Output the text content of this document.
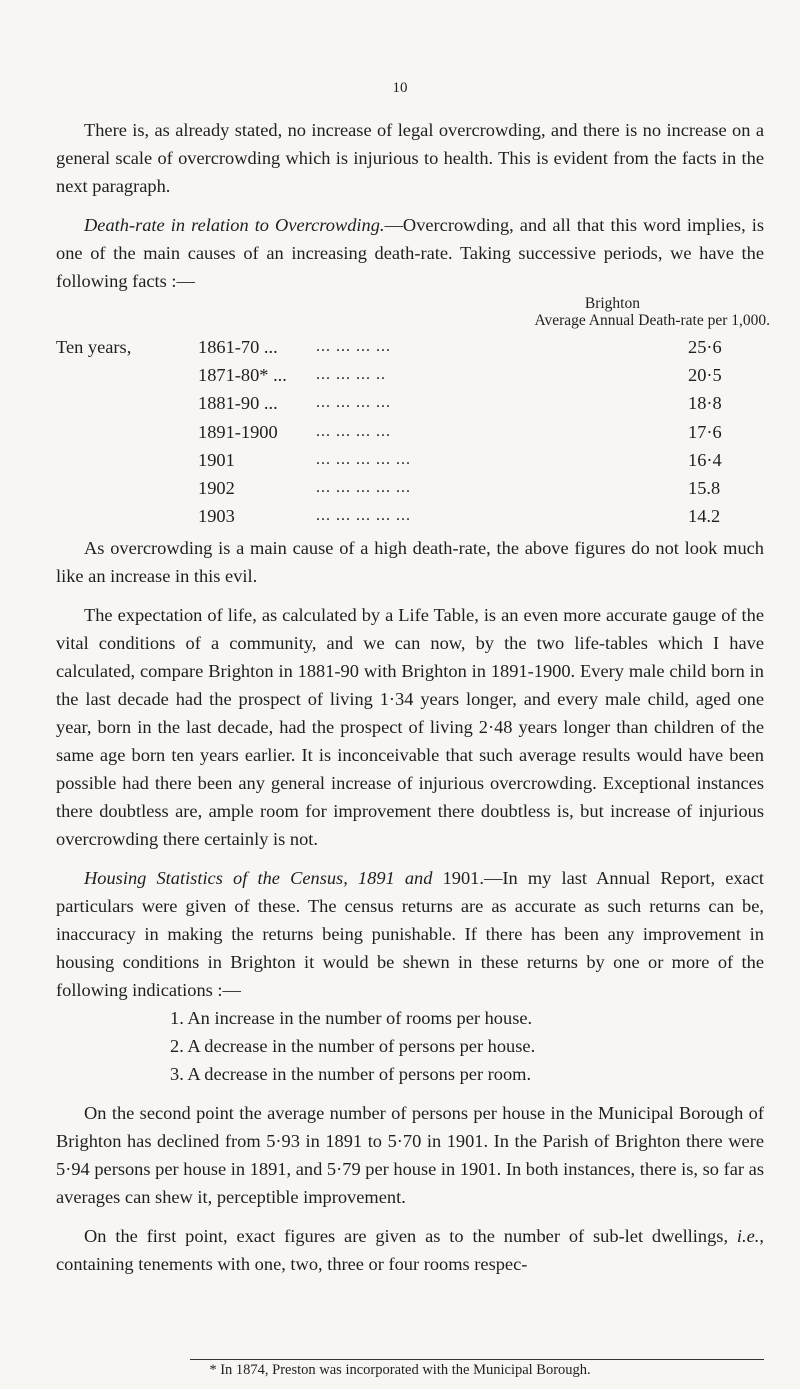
10

There is, as already stated, no increase of legal overcrowding, and there is no increase on a general scale of overcrowding which is injurious to health. This is evident from the facts in the next paragraph.

Death-rate in relation to Overcrowding.—Overcrowding, and all that this word implies, is one of the main causes of an increasing death-rate. Taking successive periods, we have the following facts :—

Brighton
Average Annual Death-rate per 1,000.
Ten years,	1861-70 ... ... ... ... ...	25·6
1871-80* ... ... ... ... ..	20·5
1881-90 ... ... ... ... ...	18·8
1891-1900 ... ... ... ...	17·6
1901	... ... ... ... ...	16·4
1902	... ... ... ... ...	15.8
1903	... ... ... ... ...	14.2

As overcrowding is a main cause of a high death-rate, the above figures do not look much like an increase in this evil.

The expectation of life, as calculated by a Life Table, is an even more accurate gauge of the vital conditions of a community, and we can now, by the two life-tables which I have calculated, compare Brighton in 1881-90 with Brighton in 1891-1900. Every male child born in the last decade had the prospect of living 1·34 years longer, and every male child, aged one year, born in the last decade, had the prospect of living 2·48 years longer than children of the same age born ten years earlier. It is inconceivable that such average results would have been possible had there been any general increase of injurious overcrowding. Exceptional instances there doubtless are, ample room for improvement there doubtless is, but increase of injurious overcrowding there certainly is not.

Housing Statistics of the Census, 1891 and 1901.—In my last Annual Report, exact particulars were given of these. The census returns are as accurate as such returns can be, inaccuracy in making the returns being punishable. If there has been any improvement in housing conditions in Brighton it would be shewn in these returns by one or more of the following indications :—

1. An increase in the number of rooms per house.
2. A decrease in the number of persons per house.
3. A decrease in the number of persons per room.

On the second point the average number of persons per house in the Municipal Borough of Brighton has declined from 5·93 in 1891 to 5·70 in 1901. In the Parish of Brighton there were 5·94 persons per house in 1891, and 5·79 per house in 1901. In both instances, there is, so far as averages can shew it, perceptible improvement.

On the first point, exact figures are given as to the number of sub-let dwellings, i.e., containing tenements with one, two, three or four rooms respec-

* In 1874, Preston was incorporated with the Municipal Borough.
